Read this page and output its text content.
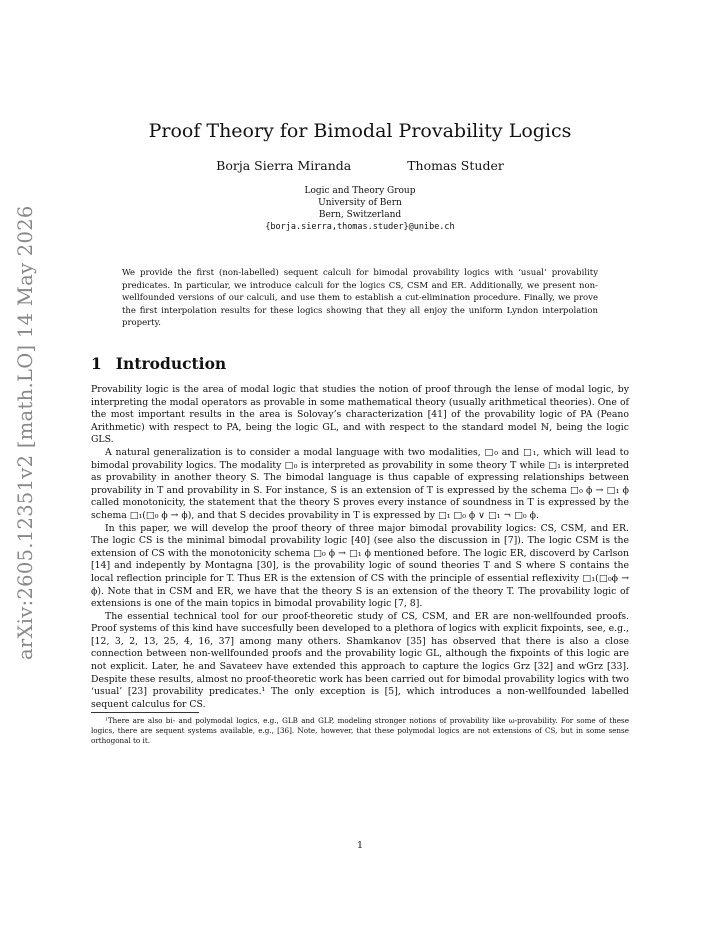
arXiv:2605.12351v2 [math.LO] 14 May 2026
Proof Theory for Bimodal Provability Logics
Borja Sierra Miranda	Thomas Studer
Logic and Theory Group
University of Bern
Bern, Switzerland
{borja.sierra,thomas.studer}@unibe.ch
We provide the first (non-labelled) sequent calculi for bimodal provability logics with ‘usual’ provability predicates. In particular, we introduce calculi for the logics CS, CSM and ER. Additionally, we present non-wellfounded versions of our calculi, and use them to establish a cut-elimination procedure. Finally, we prove the first interpolation results for these logics showing that they all enjoy the uniform Lyndon interpolation property.
1 Introduction

Provability logic is the area of modal logic that studies the notion of proof through the lense of modal logic, by interpreting the modal operators as provable in some mathematical theory (usually arithmetical theories). One of the most important results in the area is Solovay’s characterization [41] of the provability logic of PA (Peano Arithmetic) with respect to PA, being the logic GL, and with respect to the standard model ℕ, being the logic GLS.

A natural generalization is to consider a modal language with two modalities, □₀ and □₁, which will lead to bimodal provability logics. The modality □₀ is interpreted as provability in some theory T while □₁ is interpreted as provability in another theory S. The bimodal language is thus capable of expressing relationships between provability in T and provability in S. For instance, S is an extension of T is expressed by the schema □₀ ϕ → □₁ ϕ called monotonicity, the statement that the theory S proves every instance of soundness in T is expressed by the schema □₁(□₀ ϕ → ϕ), and that S decides provability in T is expressed by □₁ □₀ ϕ ∨ □₁ ¬ □₀ ϕ.

In this paper, we will develop the proof theory of three major bimodal provability logics: CS, CSM, and ER. The logic CS is the minimal bimodal provability logic [40] (see also the discussion in [7]). The logic CSM is the extension of CS with the monotonicity schema □₀ ϕ → □₁ ϕ mentioned before. The logic ER, discoverd by Carlson [14] and indepently by Montagna [30], is the provability logic of sound theories T and S where S contains the local reflection principle for T. Thus ER is the extension of CS with the principle of essential reflexivity □₁(□₀ϕ → ϕ). Note that in CSM and ER, we have that the theory S is an extension of the theory T. The provability logic of extensions is one of the main topics in bimodal provability logic [7, 8].

The essential technical tool for our proof-theoretic study of CS, CSM, and ER are non-wellfounded proofs. Proof systems of this kind have succesfully been developed to a plethora of logics with explicit fixpoints, see, e.g., [12, 3, 2, 13, 25, 4, 16, 37] among many others. Shamkanov [35] has observed that there is also a close connection between non-wellfounded proofs and the provability logic GL, although the fixpoints of this logic are not explicit. Later, he and Savateev have extended this approach to capture the logics Grz [32] and wGrz [33]. Despite these results, almost no proof-theoretic work has been carried out for bimodal provability logics with two ‘usual’ [23] provability predicates.¹ The only exception is [5], which introduces a non-wellfounded labelled sequent calculus for CS.

¹There are also bi- and polymodal logics, e.g., GLB and GLP, modeling stronger notions of provability like ω-provability. For some of these logics, there are sequent systems available, e.g., [36]. Note, however, that these polymodal logics are not extensions of CS, but in some sense orthogonal to it.
1
